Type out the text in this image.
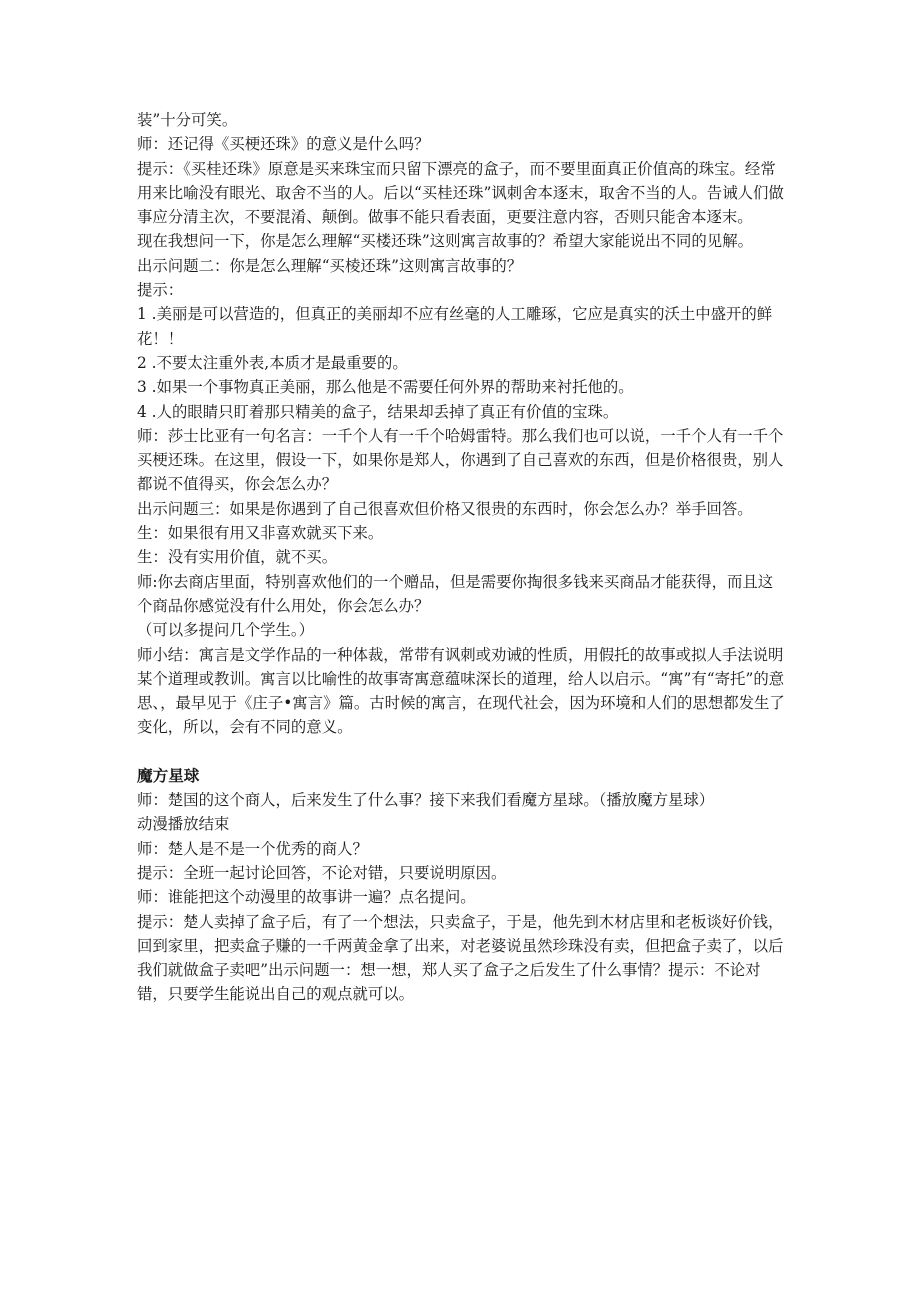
装”十分可笑。

师：还记得《买梗还珠》的意义是什么吗？

提示：《买桂还珠》原意是买来珠宝而只留下漂亮的盒子，而不要里面真正价值高的珠宝。经常用来比喻没有眼光、取舍不当的人。后以“买桂还珠”讽刺舍本逐末，取舍不当的人。告诫人们做事应分清主次，不要混淆、颠倒。做事不能只看表面，更要注意内容，否则只能舍本逐末。

现在我想问一下，你是怎么理解“买楼还珠”这则寓言故事的？希望大家能说出不同的见解。

出示问题二：你是怎么理解“买棱还珠”这则寓言故事的？

提示：

1 .美丽是可以营造的，但真正的美丽却不应有丝毫的人工雕琢，它应是真实的沃土中盛开的鲜花！！

2 .不要太注重外表,本质才是最重要的。

3 .如果一个事物真正美丽，那么他是不需要任何外界的帮助来衬托他的。

4 .人的眼睛只盯着那只精美的盒子，结果却丢掉了真正有价值的宝珠。

师：莎士比亚有一句名言：一千个人有一千个哈姆雷特。那么我们也可以说，一千个人有一千个买梗还珠。在这里，假设一下，如果你是郑人，你遇到了自己喜欢的东西，但是价格很贵，别人都说不值得买，你会怎么办？

出示问题三：如果是你遇到了自己很喜欢但价格又很贵的东西时，你会怎么办？举手回答。

生：如果很有用又非喜欢就买下来。

生：没有实用价值，就不买。

师:你去商店里面，特别喜欢他们的一个赠品，但是需要你掏很多钱来买商品才能获得，而且这个商品你感觉没有什么用处，你会怎么办？

（可以多提问几个学生。）

师小结：寓言是文学作品的一种体裁，常带有讽刺或劝诫的性质，用假托的故事或拟人手法说明某个道理或教训。寓言以比喻性的故事寄寓意蕴味深长的道理，给人以启示。“寓”有“寄托”的意思、，最早见于《庄子•寓言》篇。古时候的寓言，在现代社会，因为环境和人们的思想都发生了变化，所以，会有不同的意义。

魔方星球

师：楚国的这个商人，后来发生了什么事？接下来我们看魔方星球。（播放魔方星球）

动漫播放结束

师：楚人是不是一个优秀的商人？

提示：全班一起讨论回答，不论对错，只要说明原因。

师：谁能把这个动漫里的故事讲一遍？点名提问。

提示：楚人卖掉了盒子后，有了一个想法，只卖盒子，于是，他先到木材店里和老板谈好价钱，回到家里，把卖盒子赚的一千两黄金拿了出来，对老婆说虽然珍珠没有卖，但把盒子卖了，以后我们就做盒子卖吧”出示问题一：想一想，郑人买了盒子之后发生了什么事情？提示：不论对错，只要学生能说出自己的观点就可以。
